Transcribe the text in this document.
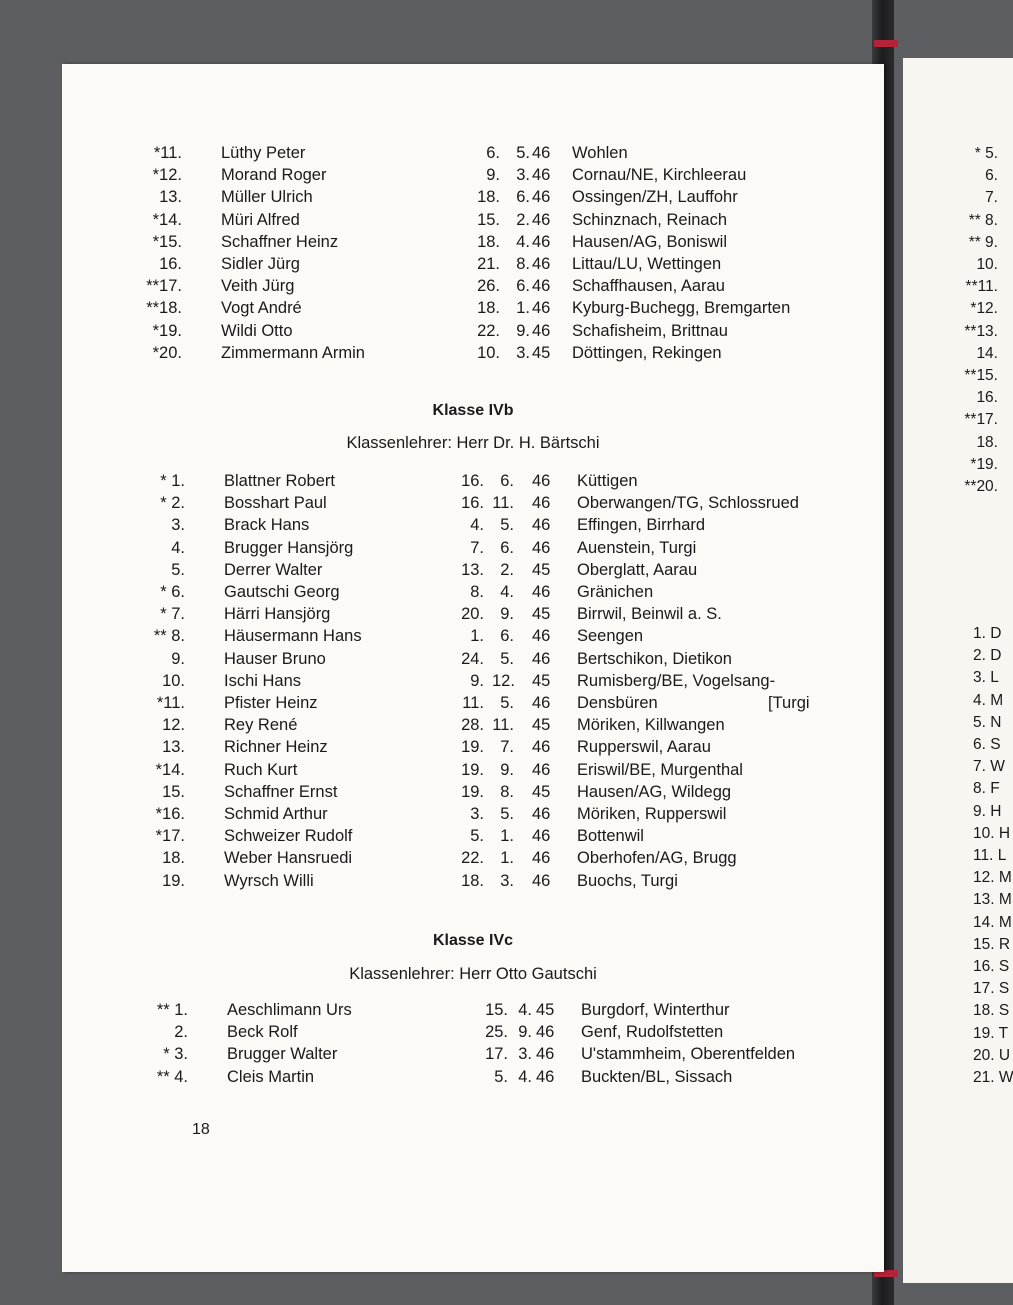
* 5.
6.
7.
** 8.
** 9.
10.
**11.
*12.
**13.
14.
**15.
16.
**17.
18.
*19.
**20.
1. D
2. D
3. L
4. M
5. N
6. S
7. W
8. F
9. H
10. H
11. L
12. M
13. M
14. M
15. R
16. S
17. S
18. S
19. T
20. U
21. W
Klasse IVb
Klassenlehrer: Herr Dr. H. Bärtschi
Klasse IVc
Klassenlehrer: Herr Otto Gautschi
18
*11. Lüthy Peter	6. 5. 46 Wohlen
*12. Morand Roger	9. 3. 46 Cornau/NE, Kirchleerau
13. Müller Ulrich	18. 6. 46 Ossingen/ZH, Lauffohr
*14. Müri Alfred	15. 2. 46 Schinznach, Reinach
*15. Schaffner Heinz	18. 4. 46 Hausen/AG, Boniswil
16. Sidler Jürg	21. 8. 46 Littau/LU, Wettingen
**17. Veith Jürg	26. 6. 46 Schaffhausen, Aarau
**18. Vogt André	18. 1. 46 Kyburg-Buchegg, Bremgarten
*19. Wildi Otto	22. 9. 46 Schafisheim, Brittnau
*20. Zimmermann Armin	10. 3. 45 Döttingen, Rekingen
* 1. Blattner Robert	16. 6. 46 Küttigen
* 2. Bosshart Paul	16. 11. 46 Oberwangen/TG, Schlossrued
3. Brack Hans	4. 5. 46 Effingen, Birrhard
4. Brugger Hansjörg	7. 6. 46 Auenstein, Turgi
5. Derrer Walter	13. 2. 45 Oberglatt, Aarau
* 6. Gautschi Georg	8. 4. 46 Gränichen
* 7. Härri Hansjörg	20. 9. 45 Birrwil, Beinwil a. S.
** 8. Häusermann Hans	1. 6. 46 Seengen
9. Hauser Bruno	24. 5. 46 Bertschikon, Dietikon
10. Ischi Hans	9. 12. 45 Rumisberg/BE, Vogelsang-
*11. Pfister Heinz	11. 5. 46 Densbüren	[Turgi
12. Rey René	28. 11. 45 Möriken, Killwangen
13. Richner Heinz	19. 7. 46 Rupperswil, Aarau
*14. Ruch Kurt	19. 9. 46 Eriswil/BE, Murgenthal
15. Schaffner Ernst	19. 8. 45 Hausen/AG, Wildegg
*16. Schmid Arthur	3. 5. 46 Möriken, Rupperswil
*17. Schweizer Rudolf	5. 1. 46 Bottenwil
18. Weber Hansruedi	22. 1. 46 Oberhofen/AG, Brugg
19. Wyrsch Willi	18. 3. 46 Buochs, Turgi
** 1. Aeschlimann Urs	15. 4. 45 Burgdorf, Winterthur
2. Beck Rolf	25. 9. 46 Genf, Rudolfstetten
* 3. Brugger Walter	17. 3. 46 U'stammheim, Oberentfelden
** 4. Cleis Martin	5. 4. 46 Buckten/BL, Sissach
